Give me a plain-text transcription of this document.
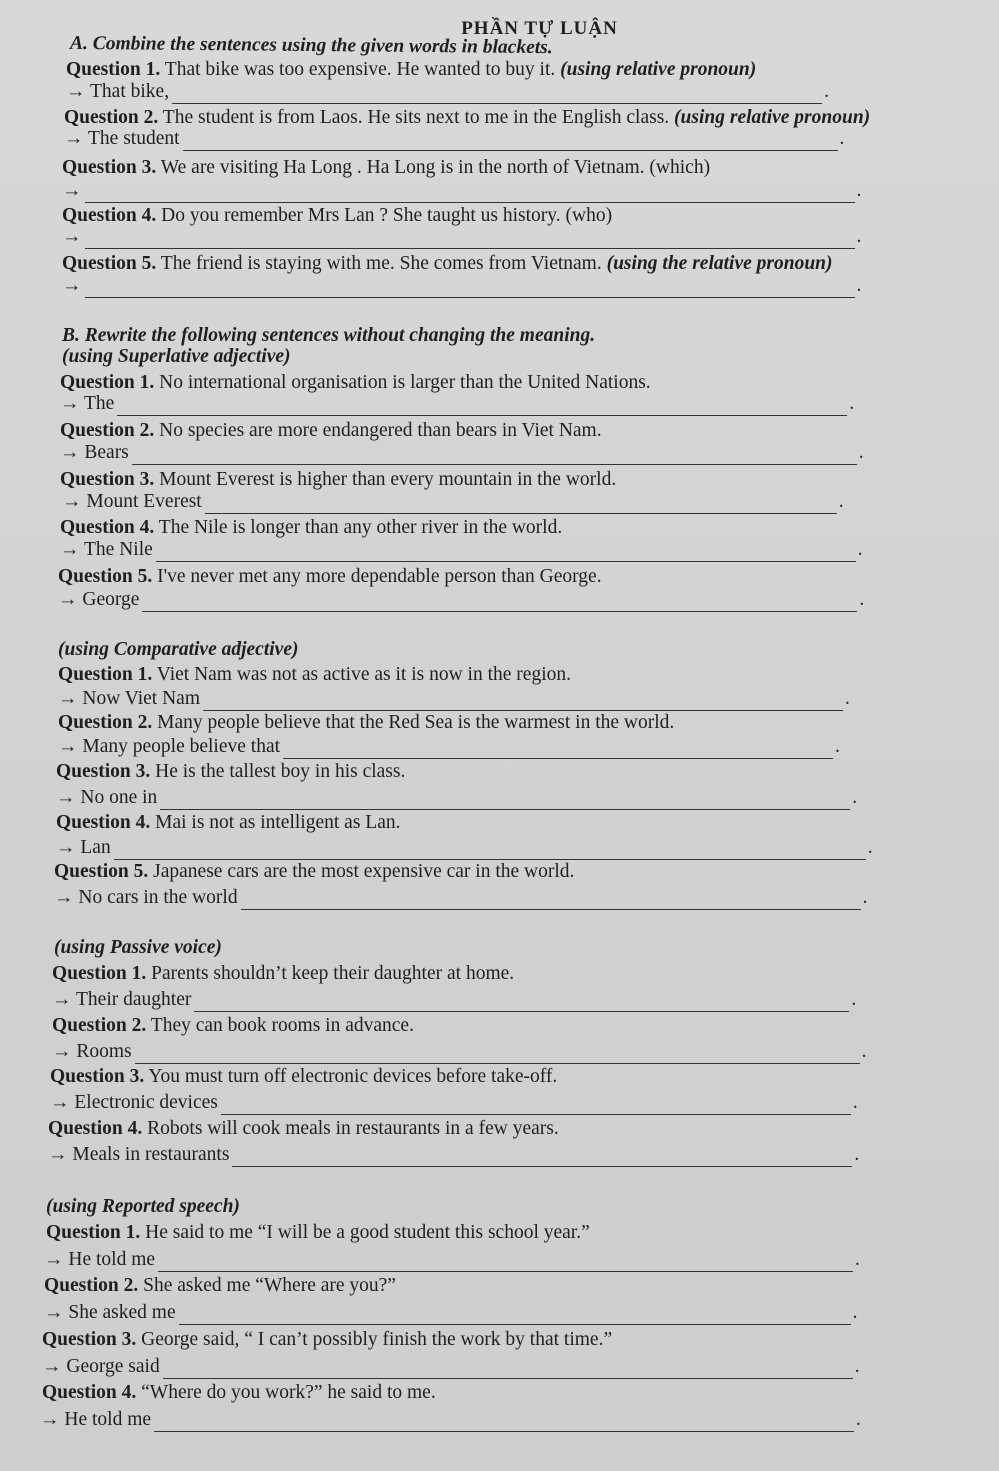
PHẦN TỰ LUẬN
A. Combine the sentences using the given words in blackets.
Question 1. That bike was too expensive. He wanted to buy it. (using relative pronoun)
→ That bike,	.
Question 2. The student is from Laos. He sits next to me in the English class. (using relative pronoun)
→ The student	.
Question 3. We are visiting Ha Long . Ha Long is in the north of Vietnam. (which)
→	.
Question 4. Do you remember Mrs Lan ? She taught us history. (who)
→	.
Question 5. The friend is staying with me. She comes from Vietnam. (using the relative pronoun)
→	.
B. Rewrite the following sentences without changing the meaning.
(using Superlative adjective)
Question 1. No international organisation is larger than the United Nations.
→ The	.
Question 2. No species are more endangered than bears in Viet Nam.
→ Bears	.
Question 3. Mount Everest is higher than every mountain in the world.
→ Mount Everest	.
Question 4. The Nile is longer than any other river in the world.
→ The Nile	.
Question 5. I've never met any more dependable person than George.
→ George	.
(using Comparative adjective)
Question 1. Viet Nam was not as active as it is now in the region.
→ Now Viet Nam	.
Question 2. Many people believe that the Red Sea is the warmest in the world.
→ Many people believe that	.
Question 3. He is the tallest boy in his class.
→ No one in	.
Question 4. Mai is not as intelligent as Lan.
→ Lan	.
Question 5. Japanese cars are the most expensive car in the world.
→ No cars in the world	.
(using Passive voice)
Question 1. Parents shouldn’t keep their daughter at home.
→ Their daughter	.
Question 2. They can book rooms in advance.
→ Rooms	.
Question 3. You must turn off electronic devices before take-off.
→ Electronic devices	.
Question 4. Robots will cook meals in restaurants in a few years.
→ Meals in restaurants	.
(using Reported speech)
Question 1. He said to me “I will be a good student this school year.”
→ He told me	.
Question 2. She asked me “Where are you?”
→ She asked me	.
Question 3. George said, “ I can’t possibly finish the work by that time.”
→ George said	.
Question 4. “Where do you work?” he said to me.
→ He told me	.
